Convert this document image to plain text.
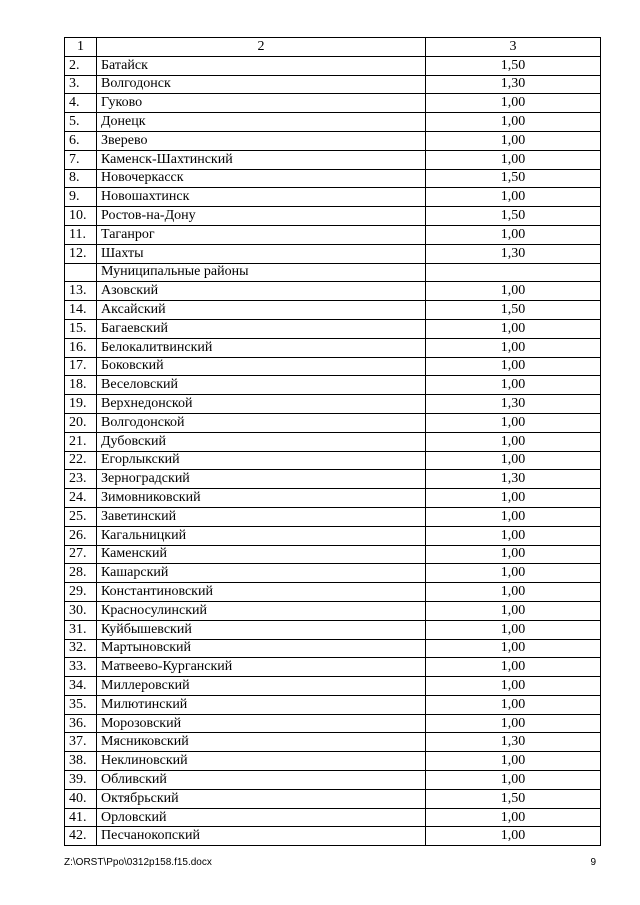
1	2	3
2.	Батайск	1,50
3.	Волгодонск	1,30
4.	Гуково	1,00
5.	Донецк	1,00
6.	Зверево	1,00
7.	Каменск-Шахтинский	1,00
8.	Новочеркасск	1,50
9.	Новошахтинск	1,00
10.	Ростов-на-Дону	1,50
11.	Таганрог	1,00
12.	Шахты	1,30
	Муниципальные районы	
13.	Азовский	1,00
14.	Аксайский	1,50
15.	Багаевский	1,00
16.	Белокалитвинский	1,00
17.	Боковский	1,00
18.	Веселовский	1,00
19.	Верхнедонской	1,30
20.	Волгодонской	1,00
21.	Дубовский	1,00
22.	Егорлыкский	1,00
23.	Зерноградский	1,30
24.	Зимовниковский	1,00
25.	Заветинский	1,00
26.	Кагальницкий	1,00
27.	Каменский	1,00
28.	Кашарский	1,00
29.	Константиновский	1,00
30.	Красносулинский	1,00
31.	Куйбышевский	1,00
32.	Мартыновский	1,00
33.	Матвеево-Курганский	1,00
34.	Миллеровский	1,00
35.	Милютинский	1,00
36.	Морозовский	1,00
37.	Мясниковский	1,30
38.	Неклиновский	1,00
39.	Обливский	1,00
40.	Октябрьский	1,50
41.	Орловский	1,00
42.	Песчанокопский	1,00
Z:\ORST\Ppo\0312p158.f15.docx	9
